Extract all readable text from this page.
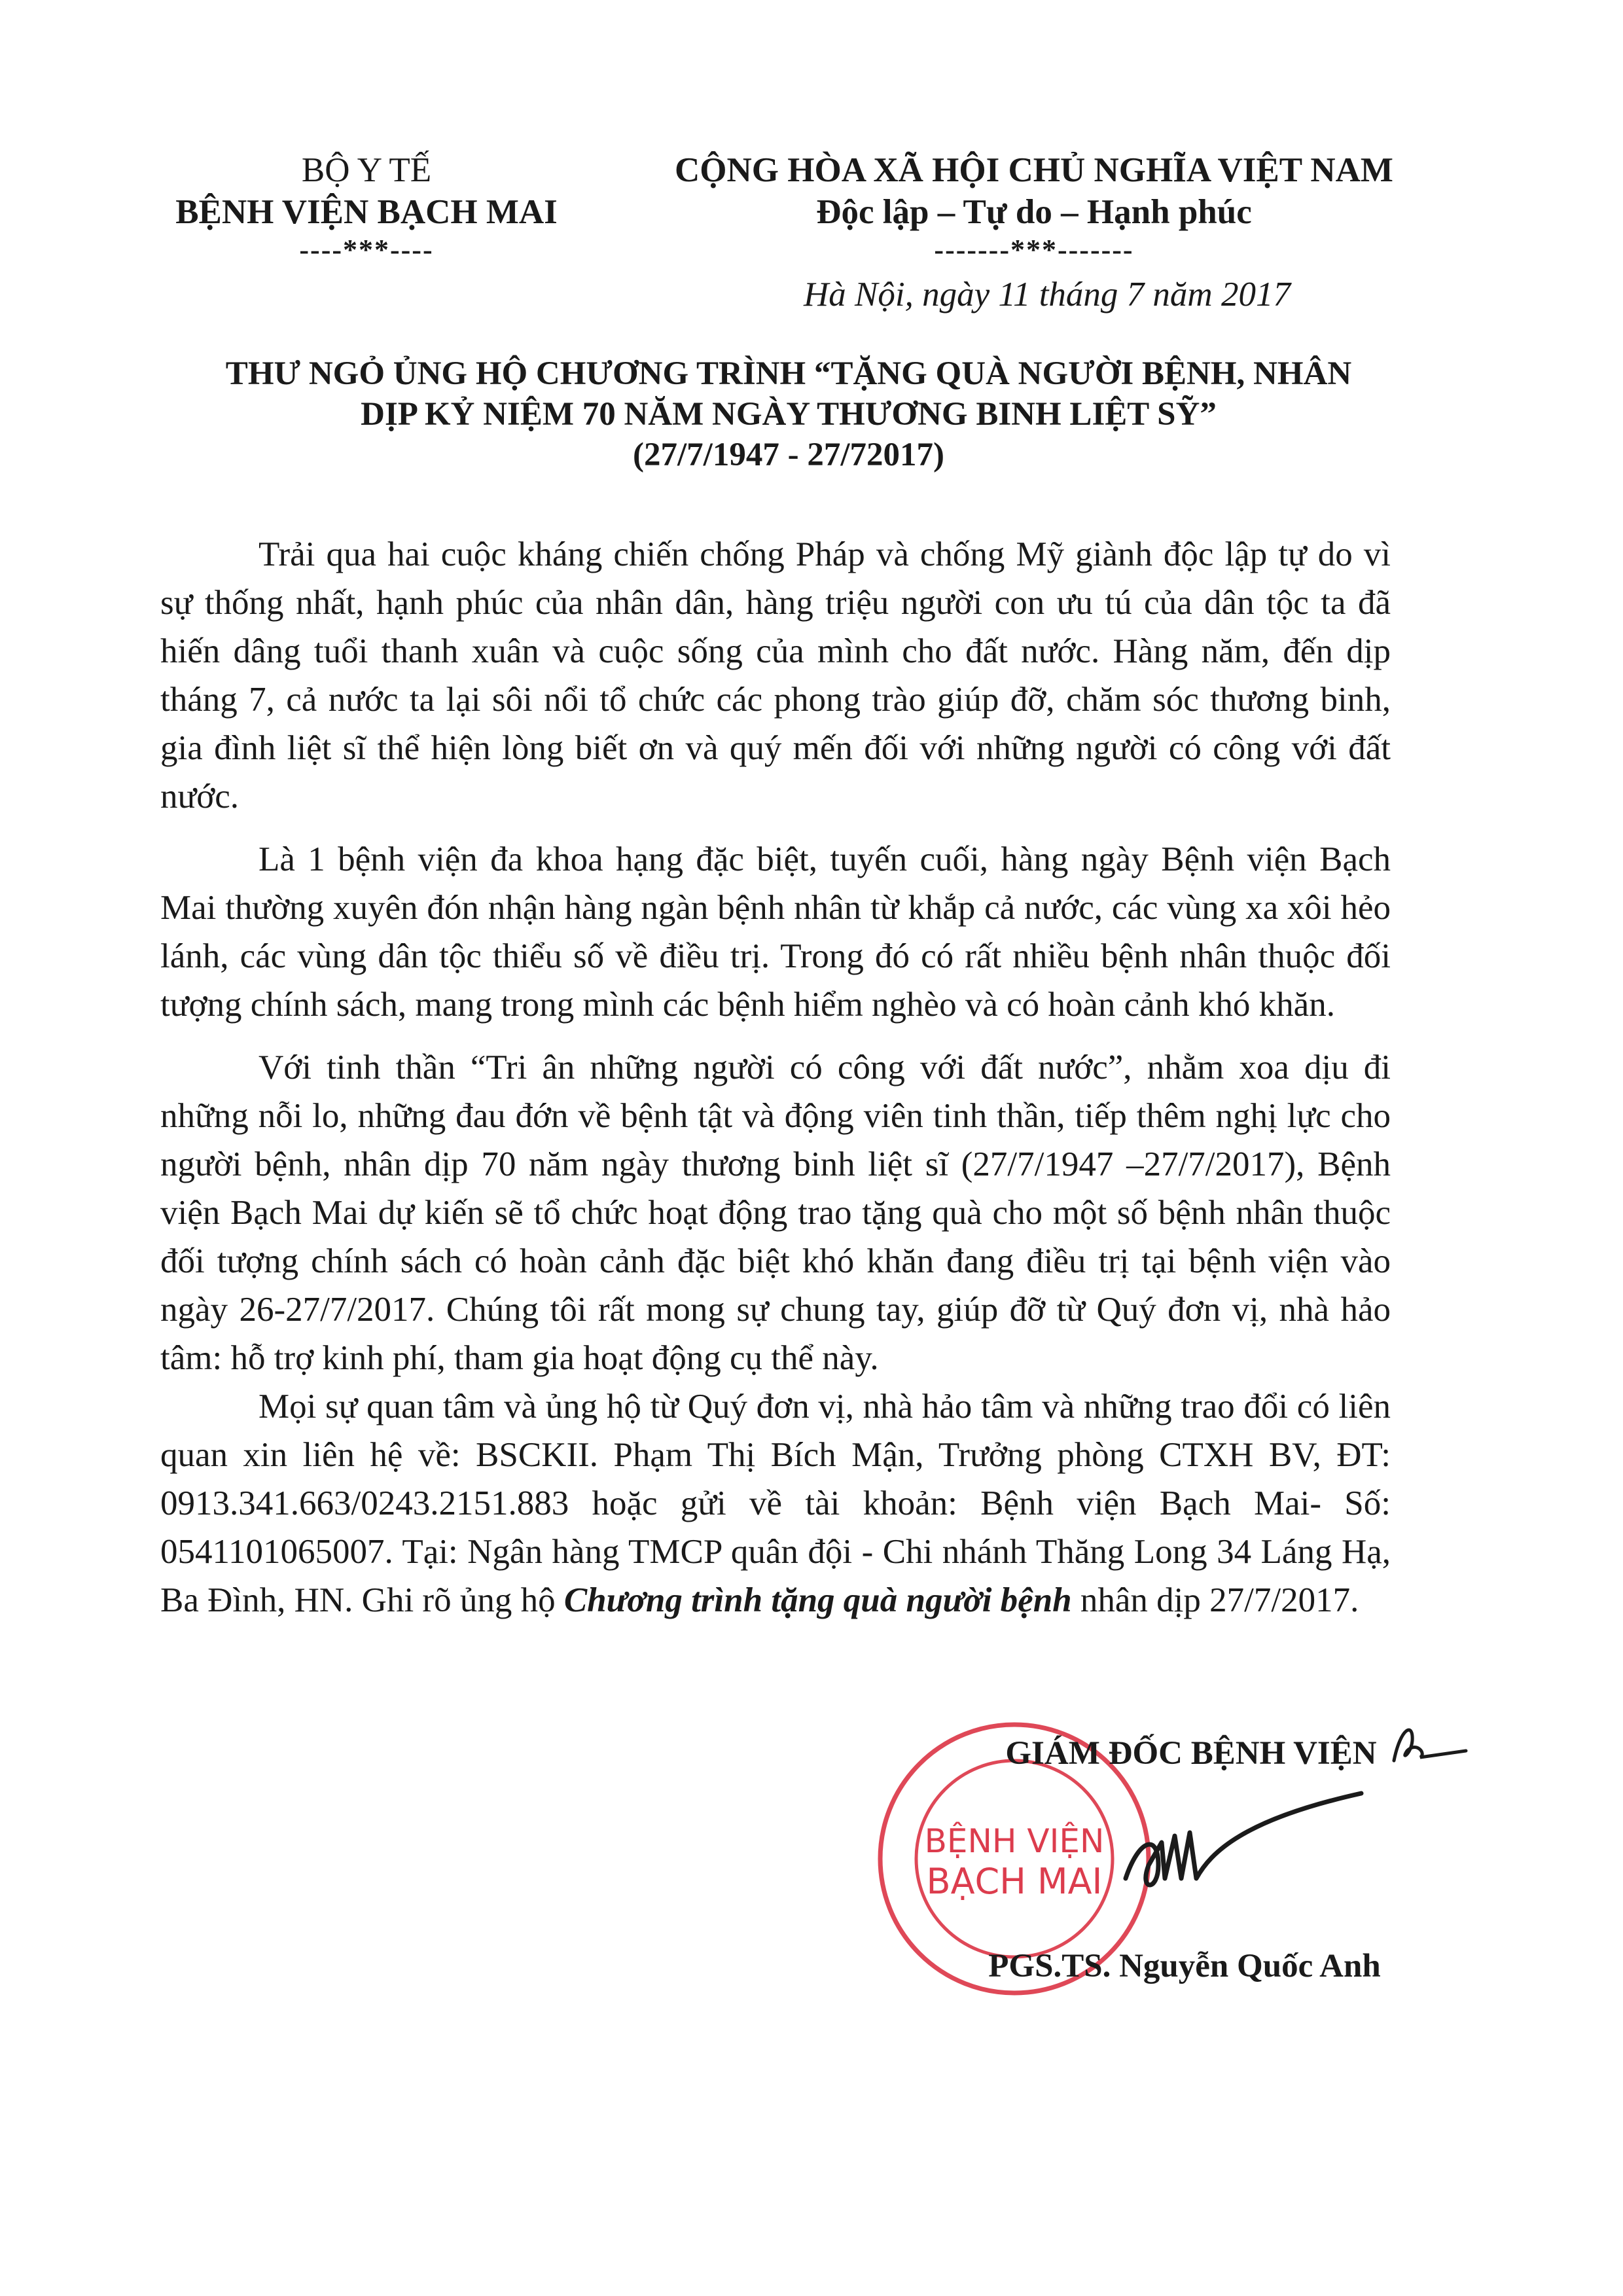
BỘ Y TẾ
BỆNH VIỆN BẠCH MAI
----***----
CỘNG HÒA XÃ HỘI CHỦ NGHĨA VIỆT NAM
Độc lập – Tự do – Hạnh phúc
-------***-------
Hà Nội, ngày 11 tháng 7 năm 2017
THƯ NGỎ ỦNG HỘ CHƯƠNG TRÌNH “TẶNG QUÀ NGƯỜI BỆNH, NHÂN
DỊP KỶ NIỆM 70 NĂM NGÀY THƯƠNG BINH LIỆT SỸ”
(27/7/1947 - 27/72017)

Trải qua hai cuộc kháng chiến chống Pháp và chống Mỹ giành độc lập tự do vì sự thống nhất, hạnh phúc của nhân dân, hàng triệu người con ưu tú của dân tộc ta đã hiến dâng tuổi thanh xuân và cuộc sống của mình cho đất nước. Hàng năm, đến dịp tháng 7, cả nước ta lại sôi nổi tổ chức các phong trào giúp đỡ, chăm sóc thương binh, gia đình liệt sĩ thể hiện lòng biết ơn và quý mến đối với những người có công với đất nước.

Là 1 bệnh viện đa khoa hạng đặc biệt, tuyến cuối, hàng ngày Bệnh viện Bạch Mai thường xuyên đón nhận hàng ngàn bệnh nhân từ khắp cả nước, các vùng xa xôi hẻo lánh, các vùng dân tộc thiểu số về điều trị. Trong đó có rất nhiều bệnh nhân thuộc đối tượng chính sách, mang trong mình các bệnh hiểm nghèo và có hoàn cảnh khó khăn.

Với tinh thần “Tri ân những người có công với đất nước”, nhằm xoa dịu đi những nỗi lo, những đau đớn về bệnh tật và động viên tinh thần, tiếp thêm nghị lực cho người bệnh, nhân dịp 70 năm ngày thương binh liệt sĩ (27/7/1947 –27/7/2017), Bệnh viện Bạch Mai dự kiến sẽ tổ chức hoạt động trao tặng quà cho một số bệnh nhân thuộc đối tượng chính sách có hoàn cảnh đặc biệt khó khăn đang điều trị tại bệnh viện vào ngày 26-27/7/2017. Chúng tôi rất mong sự chung tay, giúp đỡ từ Quý đơn vị, nhà hảo tâm: hỗ trợ kinh phí, tham gia hoạt động cụ thể này.

Mọi sự quan tâm và ủng hộ từ Quý đơn vị, nhà hảo tâm và những trao đổi có liên quan xin liên hệ về: BSCKII. Phạm Thị Bích Mận, Trưởng phòng CTXH BV, ĐT: 0913.341.663/0243.2151.883 hoặc gửi về tài khoản: Bệnh viện Bạch Mai- Số: 0541101065007. Tại: Ngân hàng TMCP quân đội - Chi nhánh Thăng Long 34 Láng Hạ, Ba Đình, HN. Ghi rõ ủng hộ Chương trình tặng quà người bệnh nhân dịp 27/7/2017.

BỆNH VIỆN
BẠCH MAI
GIÁM ĐỐC BỆNH VIỆN
PGS.TS. Nguyễn Quốc Anh
